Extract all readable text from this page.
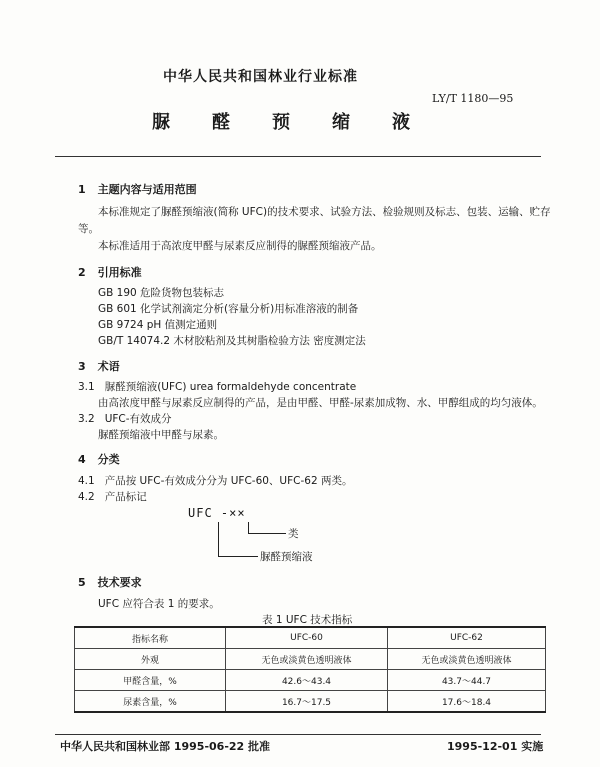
中华人民共和国林业行业标准
LY/T 1180—95
脲 醛 预 缩 液
1 主题内容与适用范围
本标准规定了脲醛预缩液(简称 UFC)的技术要求、试验方法、检验规则及标志、包装、运输、贮存
等。
本标准适用于高浓度甲醛与尿素反应制得的脲醛预缩液产品。
2 引用标准
GB 190 危险货物包装标志
GB 601 化学试剂滴定分析(容量分析)用标准溶液的制备
GB 9724 pH 值测定通则
GB/T 14074.2 木材胶粘剂及其树脂检验方法 密度测定法
3 术语
3.1 脲醛预缩液(UFC) urea formaldehyde concentrate
由高浓度甲醛与尿素反应制得的产品，是由甲醛、甲醛-尿素加成物、水、甲醇组成的均匀液体。
3.2 UFC-有效成分
脲醛预缩液中甲醛与尿素。
4 分类
4.1 产品按 UFC-有效成分分为 UFC-60、UFC-62 两类。
4.2 产品标记
UFC -××
类
脲醛预缩液
5 技术要求
UFC 应符合表 1 的要求。
表 1 UFC 技术指标
指标名称	UFC-60	UFC-62
外观	无色或淡黄色透明液体	无色或淡黄色透明液体
甲醛含量，%	42.6～43.4	43.7～44.7
尿素含量，%	16.7～17.5	17.6～18.4
中华人民共和国林业部 1995-06-22 批准	1995-12-01 实施
